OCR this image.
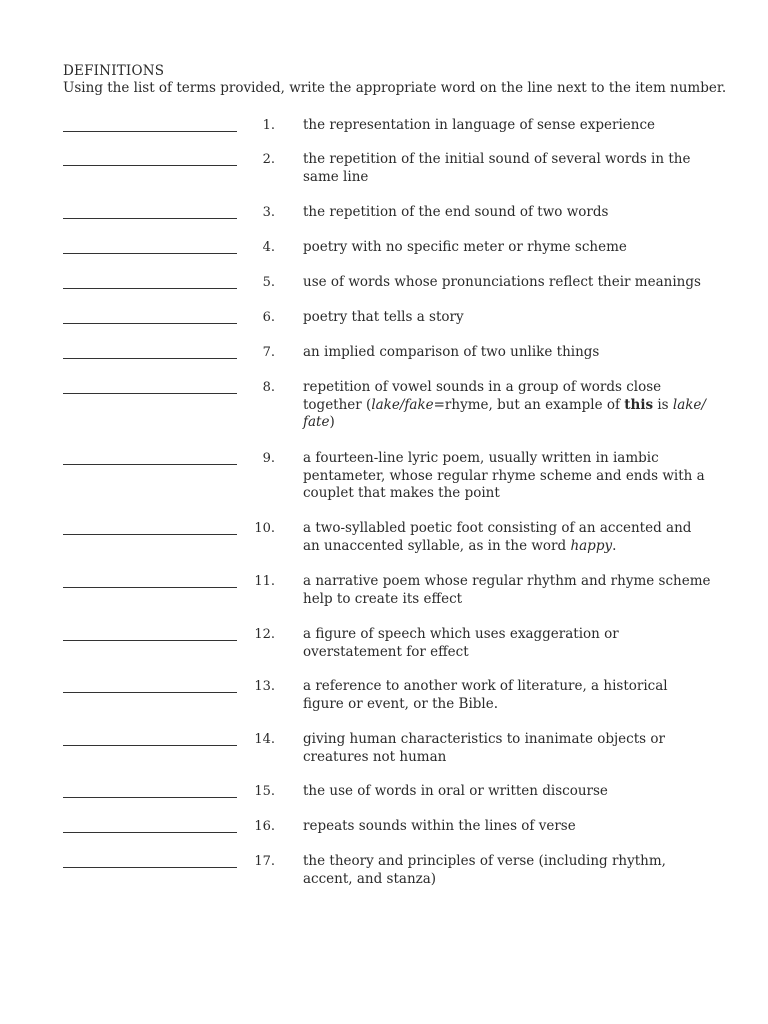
DEFINITIONS
Using the list of terms provided, write the appropriate word on the line next to the item number.
1. the representation in language of sense experience
2. the repetition of the initial sound of several words in the same line
3. the repetition of the end sound of two words
4. poetry with no specific meter or rhyme scheme
5. use of words whose pronunciations reflect their meanings
6. poetry that tells a story
7. an implied comparison of two unlike things
8. repetition of vowel sounds in a group of words close together (lake/fake=rhyme, but an example of this is lake/ fate)
9. a fourteen-line lyric poem, usually written in iambic pentameter, whose regular rhyme scheme and ends with a couplet that makes the point
10. a two-syllabled poetic foot consisting of an accented and an unaccented syllable, as in the word happy.
11. a narrative poem whose regular rhythm and rhyme scheme help to create its effect
12. a figure of speech which uses exaggeration or overstatement for effect
13. a reference to another work of literature, a historical figure or event, or the Bible.
14. giving human characteristics to inanimate objects or creatures not human
15. the use of words in oral or written discourse
16. repeats sounds within the lines of verse
17. the theory and principles of verse (including rhythm, accent, and stanza)
